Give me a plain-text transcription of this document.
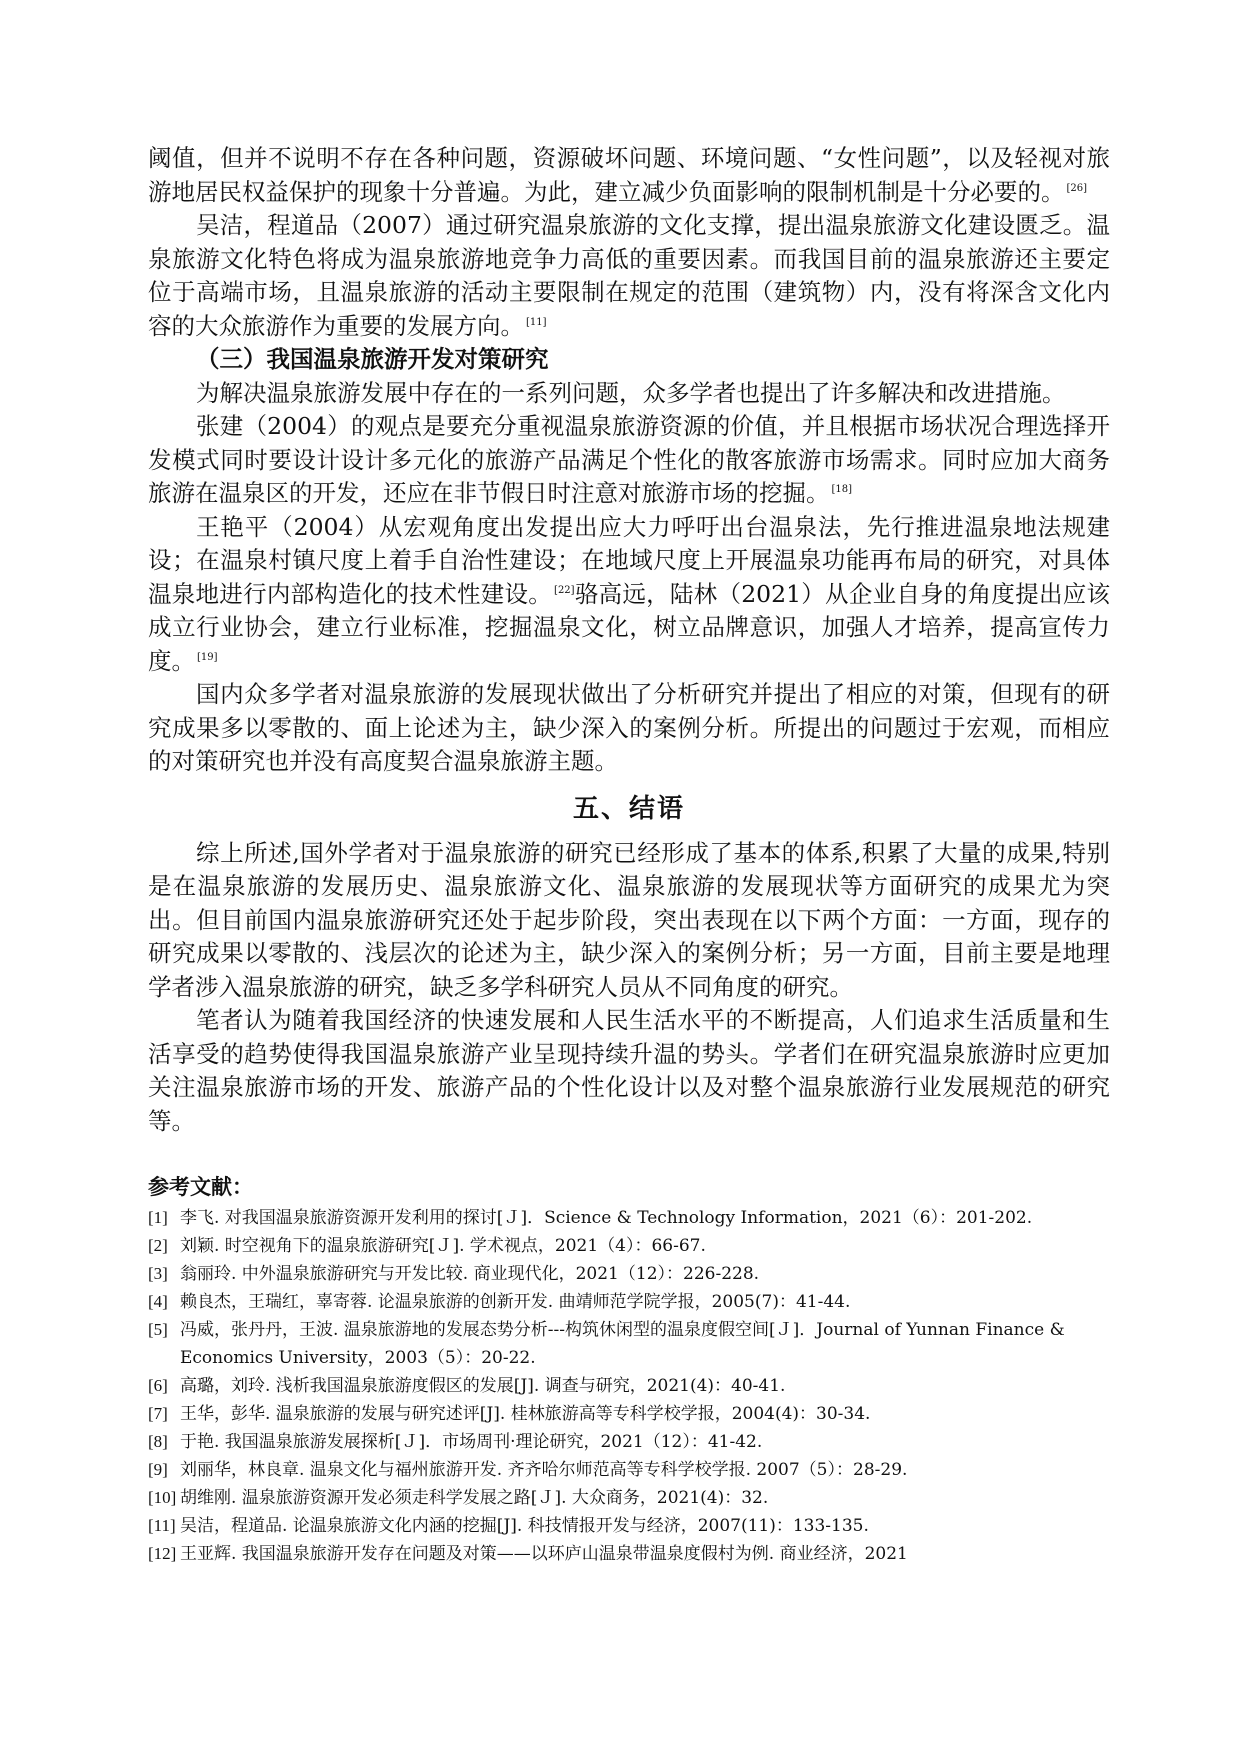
阈值，但并不说明不存在各种问题，资源破坏问题、环境问题、“女性问题”，以及轻视对旅游地居民权益保护的现象十分普遍。为此，建立减少负面影响的限制机制是十分必要的。 [26]

吴洁，程道品（2007）通过研究温泉旅游的文化支撑，提出温泉旅游文化建设匮乏。温泉旅游文化特色将成为温泉旅游地竞争力高低的重要因素。而我国目前的温泉旅游还主要定位于高端市场，且温泉旅游的活动主要限制在规定的范围（建筑物）内，没有将深含文化内容的大众旅游作为重要的发展方向。 [11]

（三）我国温泉旅游开发对策研究

为解决温泉旅游发展中存在的一系列问题，众多学者也提出了许多解决和改进措施。

张建（2004）的观点是要充分重视温泉旅游资源的价值，并且根据市场状况合理选择开发模式同时要设计设计多元化的旅游产品满足个性化的散客旅游市场需求。同时应加大商务旅游在温泉区的开发，还应在非节假日时注意对旅游市场的挖掘。 [18]

王艳平（2004）从宏观角度出发提出应大力呼吁出台温泉法，先行推进温泉地法规建设；在温泉村镇尺度上着手自治性建设；在地域尺度上开展温泉功能再布局的研究，对具体温泉地进行内部构造化的技术性建设。 [22]骆高远，陆林（2021）从企业自身的角度提出应该成立行业协会，建立行业标准，挖掘温泉文化，树立品牌意识，加强人才培养，提高宣传力度。 [19]

国内众多学者对温泉旅游的发展现状做出了分析研究并提出了相应的对策，但现有的研究成果多以零散的、面上论述为主，缺少深入的案例分析。所提出的问题过于宏观，而相应的对策研究也并没有高度契合温泉旅游主题。

五、结语

综上所述,国外学者对于温泉旅游的研究已经形成了基本的体系,积累了大量的成果,特别是在温泉旅游的发展历史、温泉旅游文化、温泉旅游的发展现状等方面研究的成果尤为突出。但目前国内温泉旅游研究还处于起步阶段，突出表现在以下两个方面：一方面，现存的研究成果以零散的、浅层次的论述为主，缺少深入的案例分析；另一方面，目前主要是地理学者涉入温泉旅游的研究，缺乏多学科研究人员从不同角度的研究。

笔者认为随着我国经济的快速发展和人民生活水平的不断提高，人们追求生活质量和生活享受的趋势使得我国温泉旅游产业呈现持续升温的势头。学者们在研究温泉旅游时应更加关注温泉旅游市场的开发、旅游产品的个性化设计以及对整个温泉旅游行业发展规范的研究等。

参考文献：
[1] 李飞. 对我国温泉旅游资源开发利用的探讨[Ｊ]．Science & Technology Information，2021（6）：201-202.
[2] 刘颖. 时空视角下的温泉旅游研究[Ｊ]. 学术视点，2021（4）：66-67.
[3] 翁丽玲. 中外温泉旅游研究与开发比较. 商业现代化，2021（12）：226-228.
[4] 赖良杰，王瑞红，辜寄蓉. 论温泉旅游的创新开发. 曲靖师范学院学报，2005(7)：41-44.
[5] 冯威，张丹丹，王波. 温泉旅游地的发展态势分析---构筑休闲型的温泉度假空间[Ｊ]．Journal of Yunnan Finance & Economics University，2003（5）：20-22.
[6] 高璐，刘玲. 浅析我国温泉旅游度假区的发展[J]. 调查与研究，2021(4)：40-41.
[7] 王华，彭华. 温泉旅游的发展与研究述评[J]. 桂林旅游高等专科学校学报，2004(4)：30-34.
[8] 于艳. 我国温泉旅游发展探析[Ｊ]．市场周刊·理论研究，2021（12）：41-42.
[9] 刘丽华，林良章. 温泉文化与福州旅游开发. 齐齐哈尔师范高等专科学校学报. 2007（5）：28-29.
[10] 胡维刚. 温泉旅游资源开发必须走科学发展之路[Ｊ]. 大众商务，2021(4)：32.
[11] 吴洁，程道品. 论温泉旅游文化内涵的挖掘[J]. 科技情报开发与经济，2007(11)：133-135.
[12] 王亚辉. 我国温泉旅游开发存在问题及对策——以环庐山温泉带温泉度假村为例. 商业经济，2021
